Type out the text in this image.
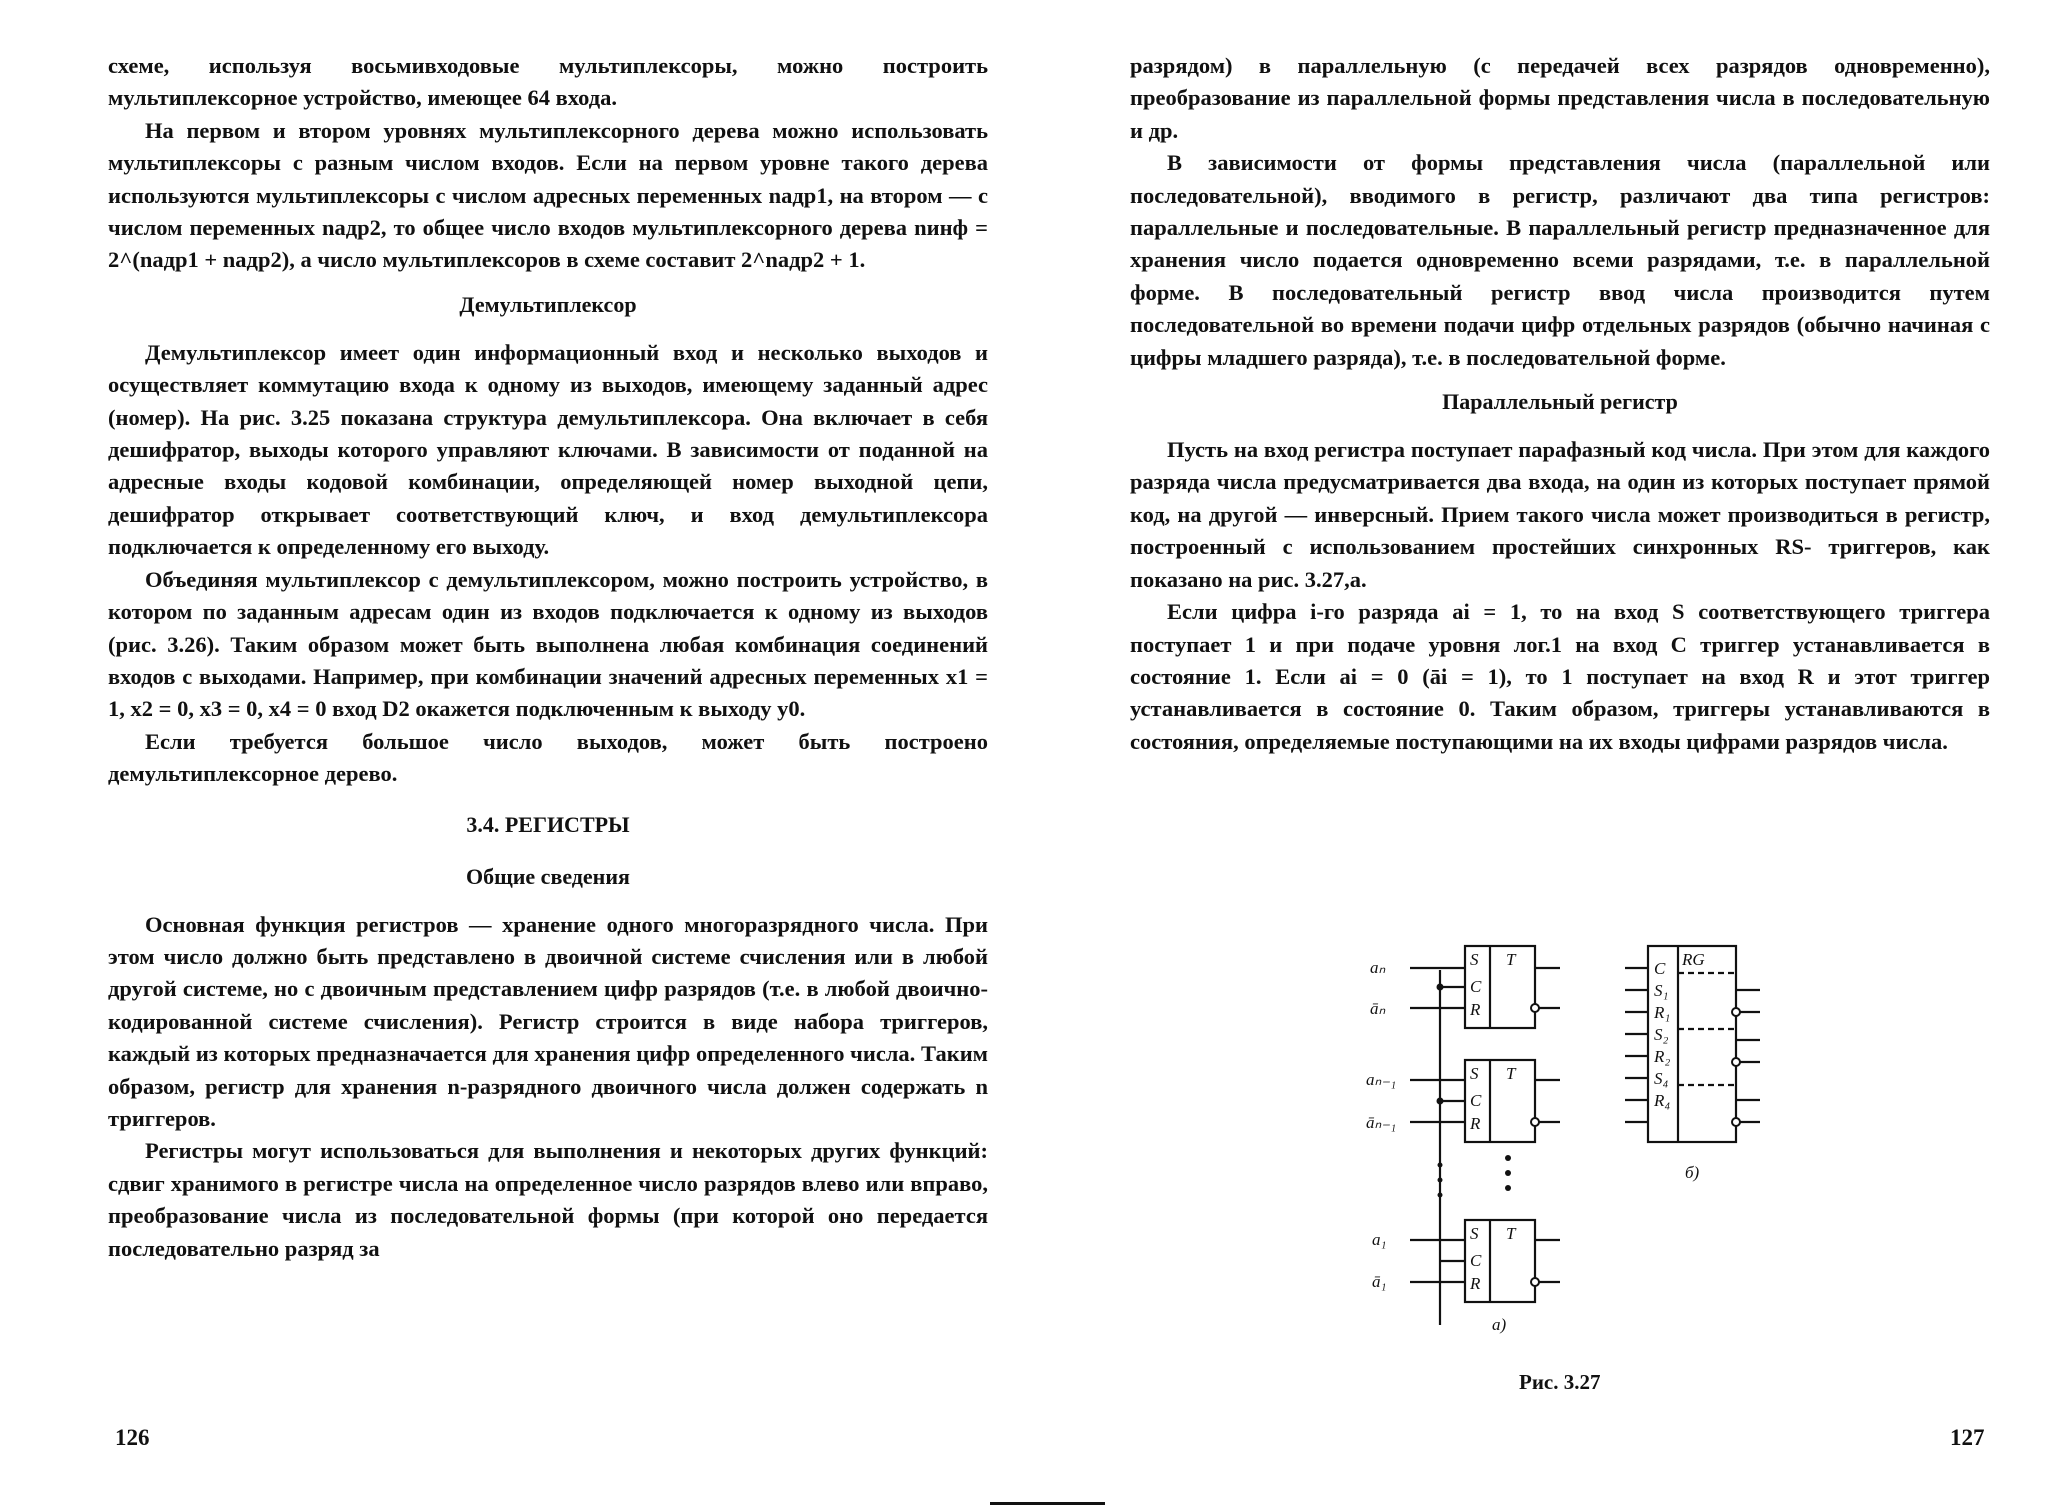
схеме, используя восьмивходовые мультиплексоры, можно построить мультиплексорное устройство, имеющее 64 входа.

На первом и втором уровнях мультиплексорного дерева можно использовать мультиплексоры с разным числом входов. Если на первом уровне такого дерева используются мультиплексоры с числом адресных переменных nадр1, на втором — с числом переменных nадр2, то общее число входов мультиплексорного дерева nинф = 2^(nадр1 + nадр2), а число мультиплексоров в схеме составит 2^nадр2 + 1.

Демультиплексор

Демультиплексор имеет один информационный вход и несколько выходов и осуществляет коммутацию входа к одному из выходов, имеющему заданный адрес (номер). На рис. 3.25 показана структура демультиплексора. Она включает в себя дешифратор, выходы которого управляют ключами. В зависимости от поданной на адресные входы кодовой комбинации, определяющей номер выходной цепи, дешифратор открывает соответствующий ключ, и вход демультиплексора подключается к определенному его выходу.

Объединяя мультиплексор с демультиплексором, можно построить устройство, в котором по заданным адресам один из входов подключается к одному из выходов (рис. 3.26). Таким образом может быть выполнена любая комбинация соединений входов с выходами. Например, при комбинации значений адресных переменных x1 = 1, x2 = 0, x3 = 0, x4 = 0 вход D2 окажется подключенным к выходу y0.

Если требуется большое число выходов, может быть построено демультиплексорное дерево.

3.4. РЕГИСТРЫ
Общие сведения

Основная функция регистров — хранение одного многоразрядного числа. При этом число должно быть представлено в двоичной системе счисления или в любой другой системе, но с двоичным представлением цифр разрядов (т.е. в любой двоично-кодированной системе счисления). Регистр строится в виде набора триггеров, каждый из которых предназначается для хранения цифр определенного числа. Таким образом, регистр для хранения n-разрядного двоичного числа должен содержать n триггеров.

Регистры могут использоваться для выполнения и некоторых других функций: сдвиг хранимого в регистре числа на определенное число разрядов влево или вправо, преобразование числа из последовательной формы (при которой оно передается последовательно разряд за

126

разрядом) в параллельную (с передачей всех разрядов одновременно), преобразование из параллельной формы представления числа в последовательную и др.

В зависимости от формы представления числа (параллельной или последовательной), вводимого в регистр, различают два типа регистров: параллельные и последовательные. В параллельный регистр предназначенное для хранения число подается одновременно всеми разрядами, т.е. в параллельной форме. В последовательный регистр ввод числа производится путем последовательной во времени подачи цифр отдельных разрядов (обычно начиная с цифры младшего разряда), т.е. в последовательной форме.

Параллельный регистр

Пусть на вход регистра поступает парафазный код числа. При этом для каждого разряда числа предусматривается два входа, на один из которых поступает прямой код, на другой — инверсный. Прием такого числа может производиться в регистр, построенный с использованием простейших синхронных RS- триггеров, как показано на рис. 3.27,а.

Если цифра i-го разряда ai = 1, то на вход S соответствующего триггера поступает 1 и при подаче уровня лог.1 на вход C триггер устанавливается в состояние 1. Если ai = 0 (āi = 1), то 1 поступает на вход R и этот триггер устанавливается в состояние 0. Таким образом, триггеры устанавливаются в состояния, определяемые поступающими на их входы цифрами разрядов числа.

127
aₙ
āₙ
aₙ₋₁
āₙ₋₁
a₁
ā₁
S
C
R
T
S
C
R
T
S
C
R
T
RG
C
S₁
R₁
S₂
R₂
S₄
R₄
б)
а)
Рис. 3.27
